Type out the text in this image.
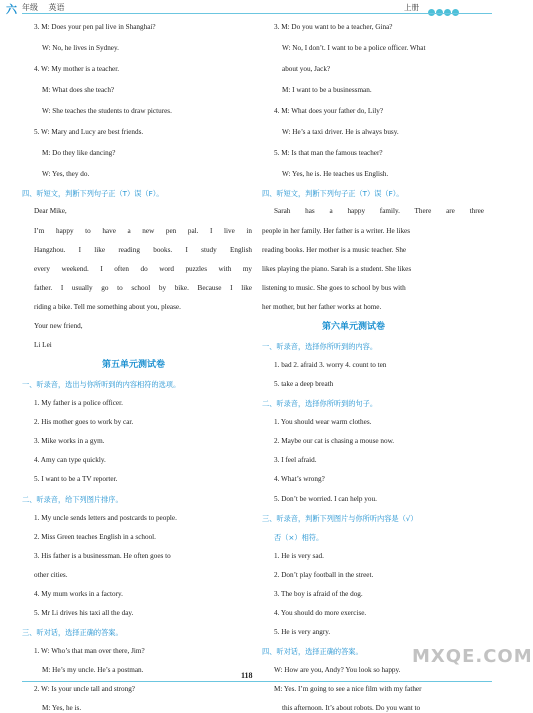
六 年级 英语	上册
3. M: Does your pen pal live in Shanghai?
W: No, he lives in Sydney.
4. W: My mother is a teacher.
M: What does she teach?
W: She teaches the students to draw pictures.
5. W: Mary and Lucy are best friends.
M: Do they like dancing?
W: Yes, they do.
四、听短文，判断下列句子正（T）误（F）。
Dear Mike,
I’m happy to have a new pen pal. I live in
Hangzhou. I like reading books. I study English
every weekend. I often do word puzzles with my
father. I usually go to school by bike. Because I like
riding a bike. Tell me something about you, please.
Your new friend,
Li Lei
一、听录音，选出与你所听到的内容相符的选项。
1. My father is a police officer.
2. His mother goes to work by car.
3. Mike works in a gym.
4. Amy can type quickly.
5. I want to be a TV reporter.
二、听录音，给下列图片排序。
1. My uncle sends letters and postcards to people.
2. Miss Green teaches English in a school.
3. His father is a businessman. He often goes to
other cities.
4. My mum works in a factory.
5. Mr Li drives his taxi all the day.
三、听对话，选择正确的答案。
1. W: Who’s that man over there, Jim?
M: He’s my uncle. He’s a postman.
2. W: Is your uncle tall and strong?
M: Yes, he is.
第五单元测试卷
3. M: Do you want to be a teacher, Gina?
W: No, I don’t. I want to be a police officer. What
about you, Jack?
M: I want to be a businessman.
4. M: What does your father do, Lily?
W: He’s a taxi driver. He is always busy.
5. M: Is that man the famous teacher?
W: Yes, he is. He teaches us English.
四、听短文，判断下列句子正（T）误（F）。
Sarah has a happy family. There are three
people in her family. Her father is a writer. He likes
reading books. Her mother is a music teacher. She
likes playing the piano. Sarah is a student. She likes
listening to music. She goes to school by bus with
her mother, but her father works at home.
一、听录音，选择你所听到的内容。
1. bad 2. afraid 3. worry 4. count to ten
5. take a deep breath
二、听录音，选择你所听到的句子。
1. You should wear warm clothes.
2. Maybe our cat is chasing a mouse now.
3. I feel afraid.
4. What’s wrong?
5. Don’t be worried. I can help you.
三、听录音，判断下列图片与你所听内容是（√）
否（×）相符。
1. He is very sad.
2. Don’t play football in the street.
3. The boy is afraid of the dog.
4. You should do more exercise.
5. He is very angry.
四、听对话，选择正确的答案。
W: How are you, Andy? You look so happy.
M: Yes. I’m going to see a nice film with my father
this afternoon. It’s about robots. Do you want to
第六单元测试卷
118
MXQE.COM
